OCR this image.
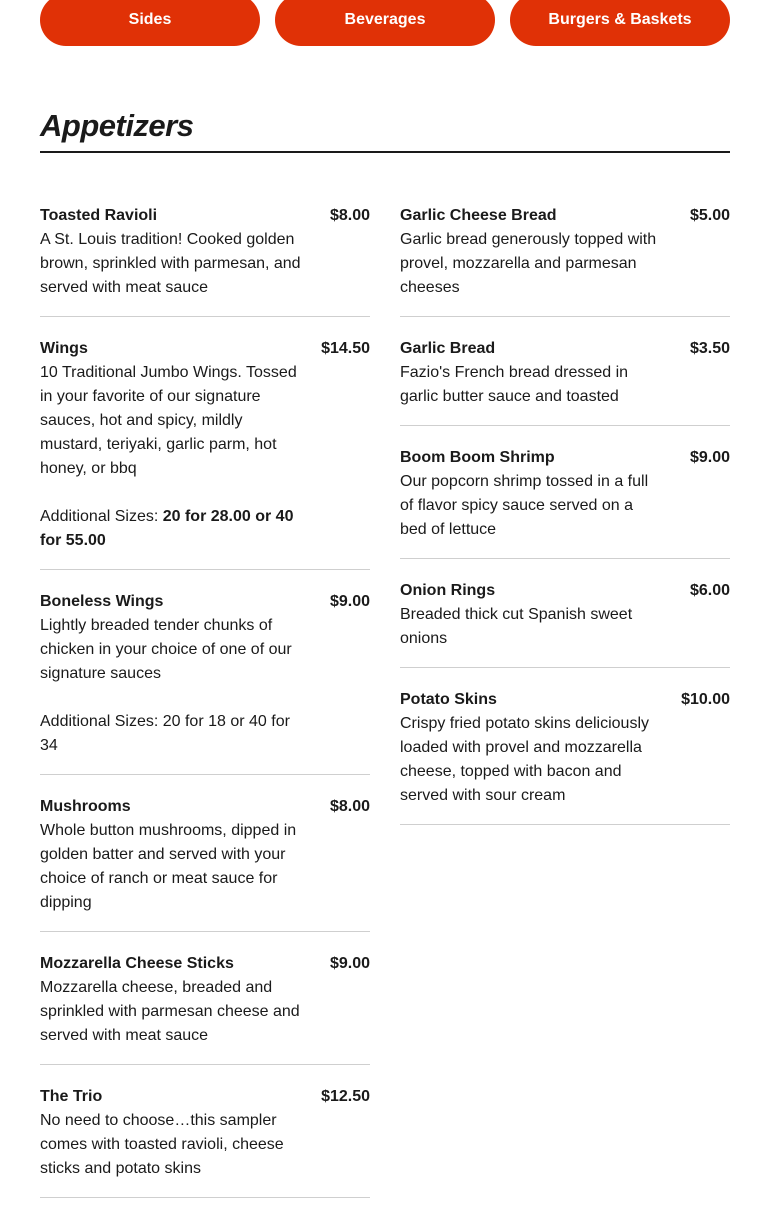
Sides	Beverages	Burgers & Baskets
Appetizers
Toasted Ravioli
A St. Louis tradition! Cooked golden brown, sprinkled with parmesan, and served with meat sauce
$8.00
Wings
10 Traditional Jumbo Wings. Tossed in your favorite of our signature sauces, hot and spicy, mildly mustard, teriyaki, garlic parm, hot honey, or bbq
Additional Sizes: 20 for 28.00 or 40 for 55.00
$14.50
Boneless Wings
Lightly breaded tender chunks of chicken in your choice of one of our signature sauces
Additional Sizes: 20 for 18 or 40 for 34
$9.00
Mushrooms
Whole button mushrooms, dipped in golden batter and served with your choice of ranch or meat sauce for dipping
$8.00
Mozzarella Cheese Sticks
Mozzarella cheese, breaded and sprinkled with parmesan cheese and served with meat sauce
$9.00
The Trio
No need to choose…this sampler comes with toasted ravioli, cheese sticks and potato skins
$12.50
Garlic Cheese Bread
Garlic bread generously topped with provel, mozzarella and parmesan cheeses
$5.00
Garlic Bread
Fazio's French bread dressed in garlic butter sauce and toasted
$3.50
Boom Boom Shrimp
Our popcorn shrimp tossed in a full of flavor spicy sauce served on a bed of lettuce
$9.00
Onion Rings
Breaded thick cut Spanish sweet onions
$6.00
Potato Skins
Crispy fried potato skins deliciously loaded with provel and mozzarella cheese, topped with bacon and served with sour cream
$10.00
